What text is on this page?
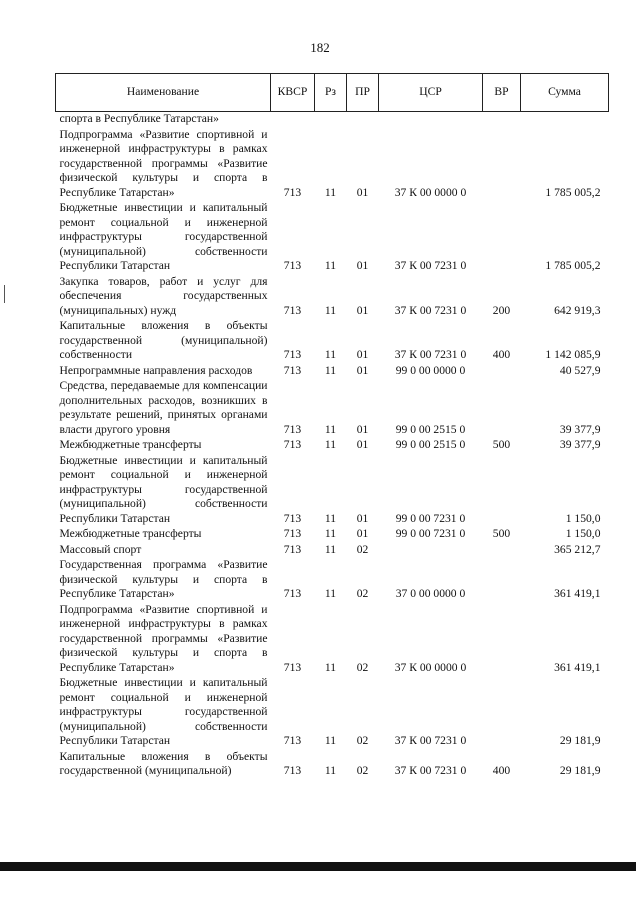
182
Наименование	КВСР	Рз	ПР	ЦСР	ВР	Сумма
спорта в Республике Татарстан»						
Подпрограмма «Развитие спортивной и инженерной инфраструктуры в рамках государственной программы «Развитие физической культуры и спорта в Республике Татарстан»	713	11	01	37 К 00 0000 0		1 785 005,2
Бюджетные инвестиции и капитальный ремонт социальной и инженерной инфраструктуры государственной (муниципальной) собственности Республики Татарстан	713	11	01	37 К 00 7231 0		1 785 005,2
Закупка товаров, работ и услуг для обеспечения государственных (муниципальных) нужд	713	11	01	37 К 00 7231 0	200	642 919,3
Капитальные вложения в объекты государственной (муниципальной) собственности	713	11	01	37 К 00 7231 0	400	1 142 085,9
Непрограммные направления расходов	713	11	01	99 0 00 0000 0		40 527,9
Средства, передаваемые для компенсации дополнительных расходов, возникших в результате решений, принятых органами власти другого уровня	713	11	01	99 0 00 2515 0		39 377,9
Межбюджетные трансферты	713	11	01	99 0 00 2515 0	500	39 377,9
Бюджетные инвестиции и капитальный ремонт социальной и инженерной инфраструктуры государственной (муниципальной) собственности Республики Татарстан	713	11	01	99 0 00 7231 0		1 150,0
Межбюджетные трансферты	713	11	01	99 0 00 7231 0	500	1 150,0
Массовый спорт	713	11	02			365 212,7
Государственная программа «Развитие физической культуры и спорта в Республике Татарстан»	713	11	02	37 0 00 0000 0		361 419,1
Подпрограмма «Развитие спортивной и инженерной инфраструктуры в рамках государственной программы «Развитие физической культуры и спорта в Республике Татарстан»	713	11	02	37 К 00 0000 0		361 419,1
Бюджетные инвестиции и капитальный ремонт социальной и инженерной инфраструктуры государственной (муниципальной) собственности Республики Татарстан	713	11	02	37 К 00 7231 0		29 181,9
Капитальные вложения в объекты государственной (муниципальной)	713	11	02	37 К 00 7231 0	400	29 181,9
